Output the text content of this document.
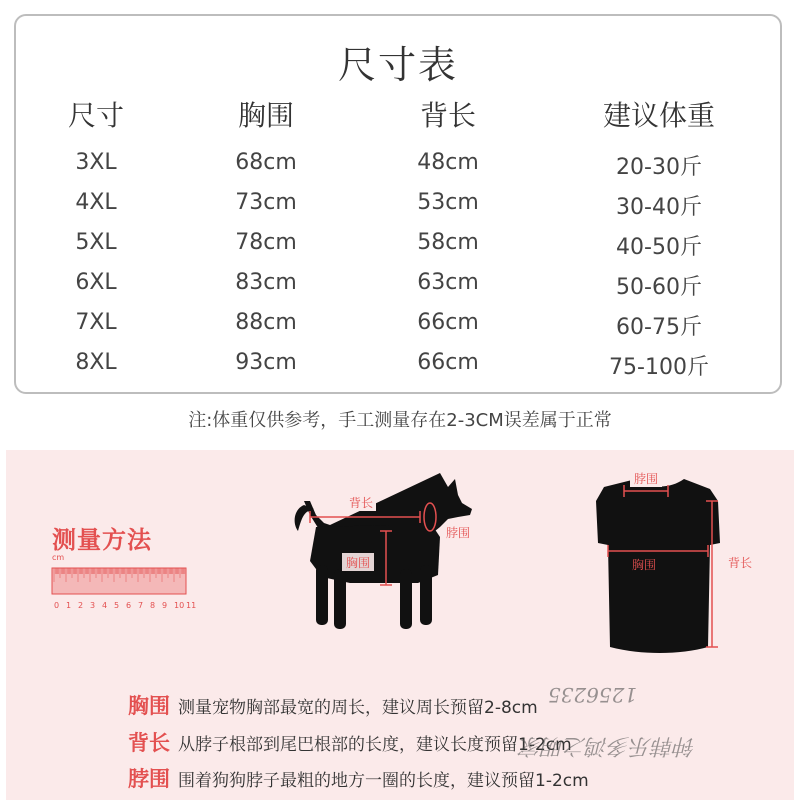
尺寸表
尺寸	胸围	背长	建议体重
3XL	68cm	48cm	20-30斤
4XL	73cm	53cm	30-40斤
5XL	78cm	58cm	40-50斤
6XL	83cm	63cm	50-60斤
7XL	88cm	66cm	60-75斤
8XL	93cm	66cm	75-100斤
注:体重仅供参考，手工测量存在2-3CM误差属于正常
测量方法
cm
0 1 2 3 4 5 6 7 8 9 10 11
背长
胸围
脖围
脖围
胸围	背长
胸围 测量宠物胸部最宽的周长，建议周长预留2-8cm
背长 从脖子根部到尾巴根部的长度，建议长度预留1-2cm
脖围 围着狗狗脖子最粗的地方一圈的长度，建议预留1-2cm
1256235
钟韩乐多鸿之明家
